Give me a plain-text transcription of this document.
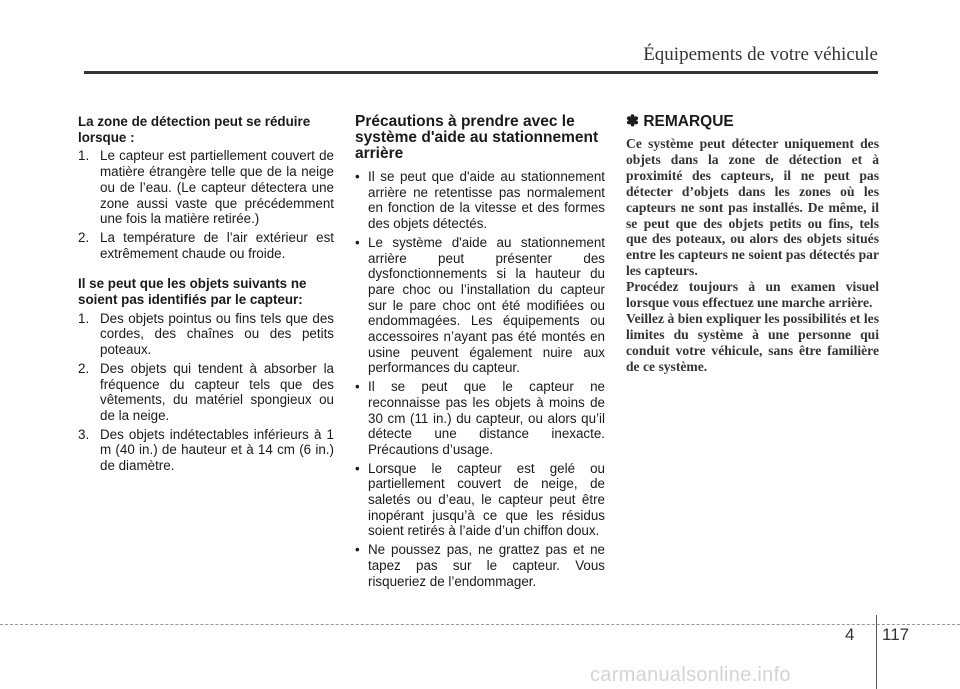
Équipements de votre véhicule

La zone de détection peut se réduire lorsque :

1. Le capteur est partiellement couvert de matière étrangère telle que de la neige ou de l’eau. (Le capteur détectera une zone aussi vaste que précédemment une fois la matière retirée.)
2. La température de l’air extérieur est extrêmement chaude ou froide.

Il se peut que les objets suivants ne soient pas identifiés par le capteur:

1. Des objets pointus ou fins tels que des cordes, des chaînes ou des petits poteaux.
2. Des objets qui tendent à absorber la fréquence du capteur tels que des vêtements, du matériel spongieux ou de la neige.
3. Des objets indétectables inférieurs à 1 m (40 in.) de hauteur et à 14 cm (6 in.) de diamètre.
Précautions à prendre avec le système d'aide au stationnement arrière
• Il se peut que d'aide au stationnement arrière ne retentisse pas normalement en fonction de la vitesse et des formes des objets détectés.
• Le système d'aide au stationnement arrière peut présenter des dysfonctionnements si la hauteur du pare choc ou l’installation du capteur sur le pare choc ont été modifiées ou endommagées. Les équipements ou accessoires n’ayant pas été montés en usine peuvent également nuire aux performances du capteur.
• Il se peut que le capteur ne reconnaisse pas les objets à moins de 30 cm (11 in.) du capteur, ou alors qu’il détecte une distance inexacte. Précautions d’usage.
• Lorsque le capteur est gelé ou partiellement couvert de neige, de saletés ou d’eau, le capteur peut être inopérant jusqu’à ce que les résidus soient retirés à l’aide d’un chiffon doux.
• Ne poussez pas, ne grattez pas et ne tapez pas sur le capteur. Vous risqueriez de l’endommager.
✽ REMARQUE

Ce système peut détecter uniquement des objets dans la zone de détection et à proximité des capteurs, il ne peut pas détecter d’objets dans les zones où les capteurs ne sont pas installés. De même, il se peut que des objets petits ou fins, tels que des poteaux, ou alors des objets situés entre les capteurs ne soient pas détectés par les capteurs.

Procédez toujours à un examen visuel lorsque vous effectuez une marche arrière.

Veillez à bien expliquer les possibilités et les limites du système à une personne qui conduit votre véhicule, sans être familière de ce système.

4 117
carmanualsonline.info
